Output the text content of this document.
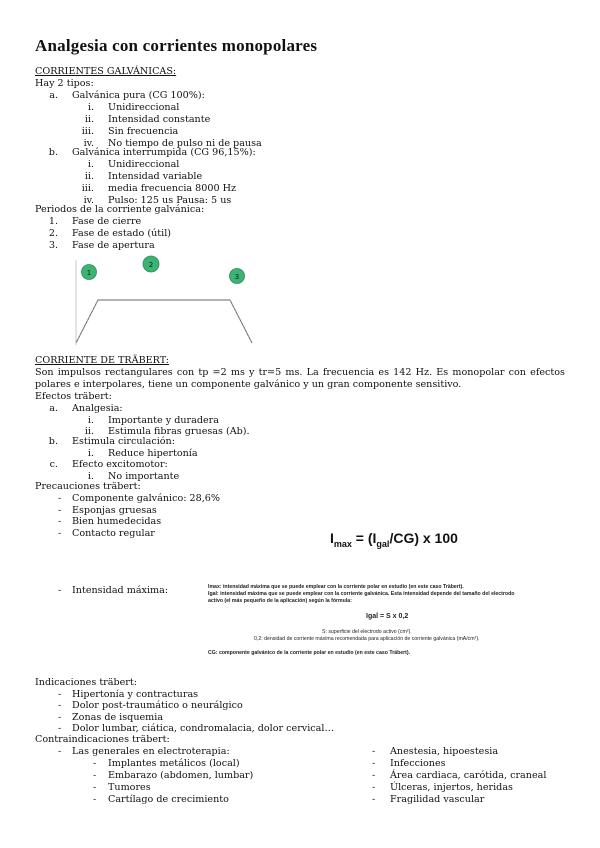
Analgesia con corrientes monopolares
CORRIENTES GALVÁNICAS:
Hay 2 tipos:
a. Galvánica pura (CG 100%):
i. Unidireccional
ii. Intensidad constante
iii. Sin frecuencia
iv. No tiempo de pulso ni de pausa
b. Galvánica interrumpida (CG 96,15%):
i. Unidireccional
ii. Intensidad variable
iii. media frecuencia 8000 Hz
iv. Pulso: 125 us Pausa: 5 us
Periodos de la corriente galvánica:
1. Fase de cierre
2. Fase de estado (útil)
3. Fase de apertura
1
2
3
CORRIENTE DE TRÄBERT:
Son impulsos rectangulares con tp =2 ms y tr=5 ms. La frecuencia es 142 Hz. Es monopolar con efectos polares e interpolares, tiene un componente galvánico y un gran componente sensitivo.
Efectos träbert:
a. Analgesia:
i. Importante y duradera
ii. Estimula fibras gruesas (Ab).
b. Estimula circulación:
i. Reduce hipertonía
c. Efecto excitomotor:
i. No importante
Precauciones träbert:
- Componente galvánico: 28,6%
- Esponjas gruesas
- Bien humedecidas
- Contacto regular	$I_{max} = (I_{gal}/CG)$ x 100
- Intensidad máxima:	Imax: intensidad máxima que se puede emplear con la corriente polar en estudio (en este caso Träbert).
Igal: intensidad máxima que se puede emplear con la corriente galvánica. Esta intensidad depende del tamaño del electrodo
activo (el más pequeño de la aplicación) según la fórmula:
Igal = S x 0,2
S: superficie del electrodo activo (cm²).
0,2: densidad de corriente máxima recomendada para aplicación de corriente galvánica (mA/cm²).
CG: componente galvánico de la corriente polar en estudio (en este caso Träbert).
Indicaciones träbert:
- Hipertonía y contracturas
- Dolor post-traumático o neurálgico
- Zonas de isquemia
- Dolor lumbar, ciática, condromalacia, dolor cervical…
Contraindicaciones träbert:
- Las generales en electroterapia:
- Implantes metálicos (local)
- Embarazo (abdomen, lumbar)
- Tumores
- Cartílago de crecimiento
- Anestesia, hipoestesia
- Infecciones
- Área cardiaca, carótida, craneal
- Úlceras, injertos, heridas
- Fragilidad vascular
